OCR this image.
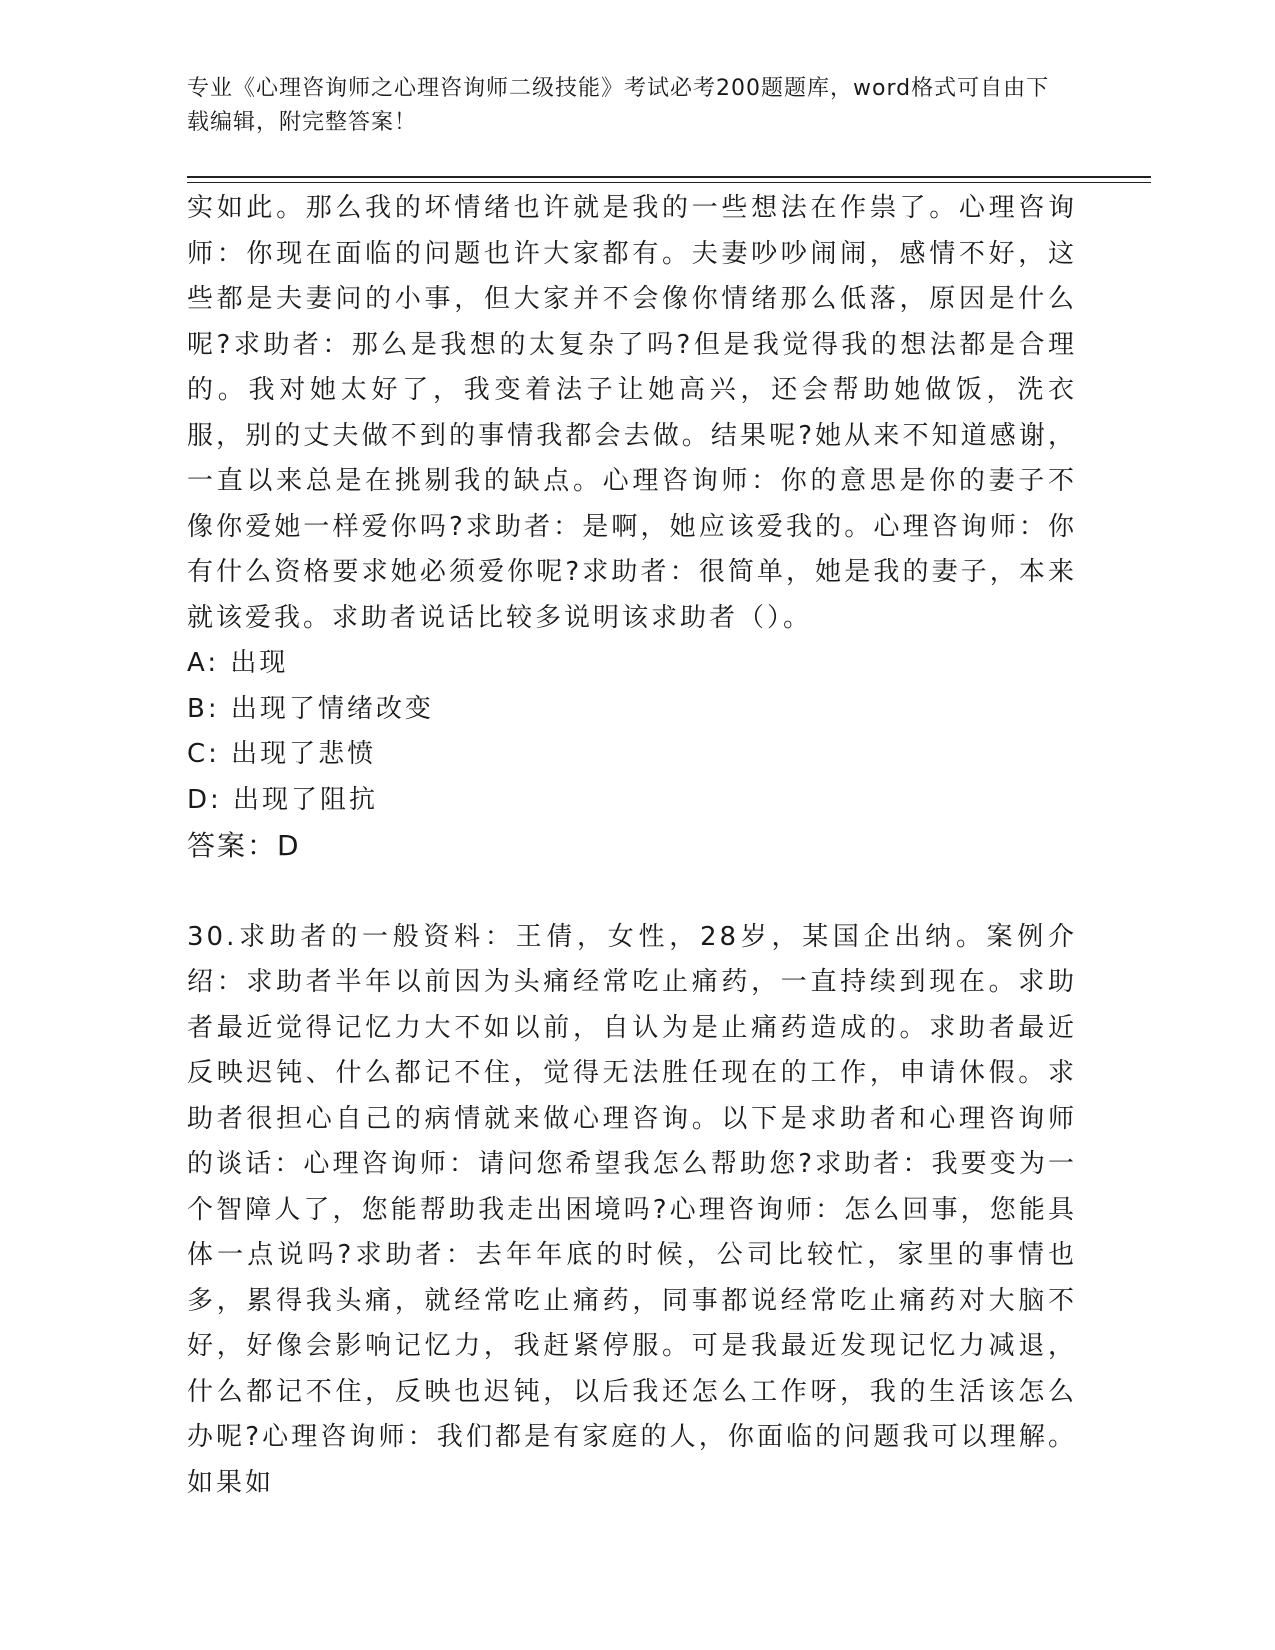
专业《心理咨询师之心理咨询师二级技能》考试必考200题题库，word格式可自由下载编辑，附完整答案！

实如此。那么我的坏情绪也许就是我的一些想法在作祟了。心理咨询师：你现在面临的问题也许大家都有。夫妻吵吵闹闹，感情不好，这些都是夫妻问的小事，但大家并不会像你情绪那么低落，原因是什么呢?求助者：那么是我想的太复杂了吗?但是我觉得我的想法都是合理的。我对她太好了，我变着法子让她高兴，还会帮助她做饭，洗衣服，别的丈夫做不到的事情我都会去做。结果呢?她从来不知道感谢，一直以来总是在挑剔我的缺点。心理咨询师：你的意思是你的妻子不像你爱她一样爱你吗?求助者：是啊，她应该爱我的。心理咨询师：你有什么资格要求她必须爱你呢?求助者：很简单，她是我的妻子，本来就该爱我。求助者说话比较多说明该求助者（）。

A: 出现

B: 出现了情绪改变

C: 出现了悲愤

D: 出现了阻抗

答案：D

30.求助者的一般资料：王倩，女性，28岁，某国企出纳。案例介绍：求助者半年以前因为头痛经常吃止痛药，一直持续到现在。求助者最近觉得记忆力大不如以前，自认为是止痛药造成的。求助者最近反映迟钝、什么都记不住，觉得无法胜任现在的工作，申请休假。求助者很担心自己的病情就来做心理咨询。以下是求助者和心理咨询师的谈话：心理咨询师：请问您希望我怎么帮助您?求助者：我要变为一个智障人了，您能帮助我走出困境吗?心理咨询师：怎么回事，您能具体一点说吗?求助者：去年年底的时候，公司比较忙，家里的事情也多，累得我头痛，就经常吃止痛药，同事都说经常吃止痛药对大脑不好，好像会影响记忆力，我赶紧停服。可是我最近发现记忆力减退，什么都记不住，反映也迟钝，以后我还怎么工作呀，我的生活该怎么办呢?心理咨询师：我们都是有家庭的人，你面临的问题我可以理解。如果如
